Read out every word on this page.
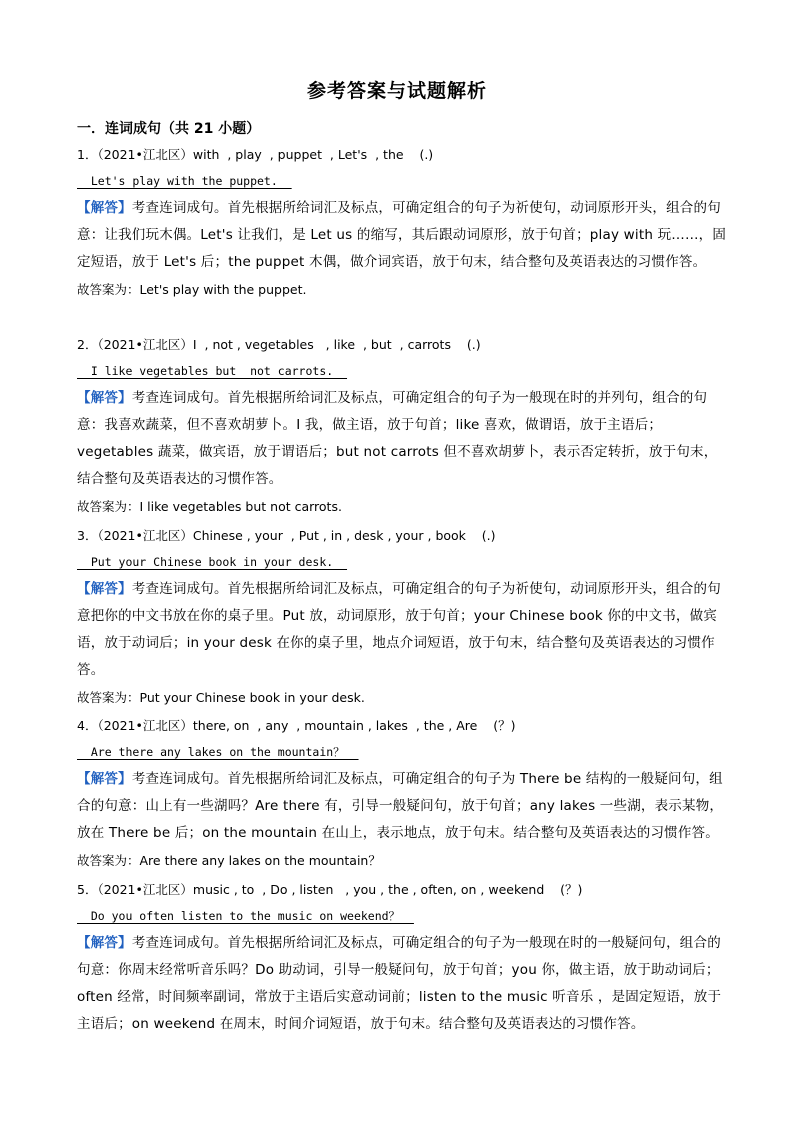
参考答案与试题解析
一．连词成句（共 21 小题）
1．（2021•江北区）with  , play  , puppet  , Let's  , the    (.)
Let's play with the puppet.
【解答】考查连词成句。首先根据所给词汇及标点，可确定组合的句子为祈使句，动词原形开头，组合的句意：让我们玩木偶。Let's 让我们，是 Let us 的缩写，其后跟动词原形，放于句首；play with 玩……，固定短语，放于 Let's 后；the puppet 木偶，做介词宾语，放于句末，结合整句及英语表达的习惯作答。
故答案为：Let's play with the puppet.
2．（2021•江北区）I  , not , vegetables   , like  , but  , carrots    (.)
I like vegetables but  not carrots.
【解答】考查连词成句。首先根据所给词汇及标点，可确定组合的句子为一般现在时的并列句，组合的句意：我喜欢蔬菜，但不喜欢胡萝卜。I 我，做主语，放于句首；like 喜欢，做谓语，放于主语后；vegetables 蔬菜，做宾语，放于谓语后；but not carrots 但不喜欢胡萝卜，表示否定转折，放于句末，结合整句及英语表达的习惯作答。
故答案为：I like vegetables but not carrots.
3．（2021•江北区）Chinese , your  , Put , in , desk , your , book    (.)
Put your Chinese book in your desk.
【解答】考查连词成句。首先根据所给词汇及标点，可确定组合的句子为祈使句，动词原形开头，组合的句意把你的中文书放在你的桌子里。Put 放，动词原形，放于句首；your Chinese book 你的中文书，做宾语，放于动词后；in your desk 在你的桌子里，地点介词短语，放于句末，结合整句及英语表达的习惯作答。
故答案为：Put your Chinese book in your desk.
4．（2021•江北区）there, on  , any  , mountain , lakes  , the , Are    (？)
Are there any lakes on the mountain？
【解答】考查连词成句。首先根据所给词汇及标点，可确定组合的句子为 There be 结构的一般疑问句，组合的句意：山上有一些湖吗？Are there 有，引导一般疑问句，放于句首；any lakes 一些湖，表示某物，放在 There be 后；on the mountain 在山上，表示地点，放于句末。结合整句及英语表达的习惯作答。
故答案为：Are there any lakes on the mountain？
5．（2021•江北区）music , to  , Do , listen   , you , the , often, on , weekend    (？)
Do you often listen to the music on weekend？
【解答】考查连词成句。首先根据所给词汇及标点，可确定组合的句子为一般现在时的一般疑问句，组合的句意：你周末经常听音乐吗？Do 助动词，引导一般疑问句，放于句首；you 你，做主语，放于助动词后；often 经常，时间频率副词，常放于主语后实意动词前；listen to the music 听音乐 ，是固定短语，放于主语后；on weekend 在周末，时间介词短语，放于句末。结合整句及英语表达的习惯作答。
